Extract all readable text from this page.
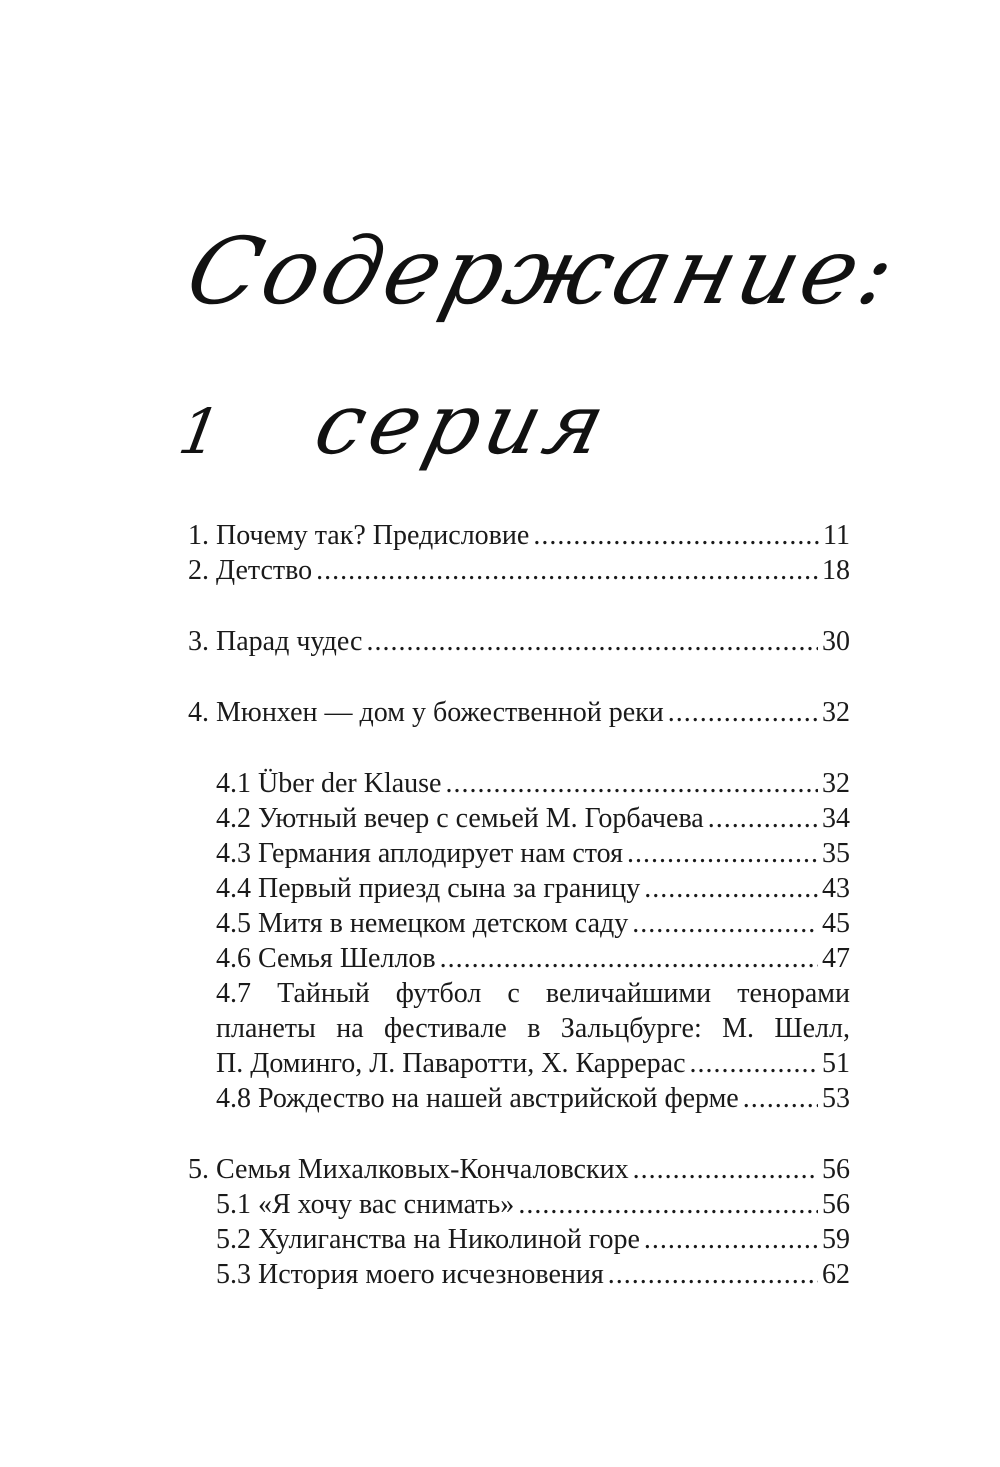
Содержание:
1 серия
1. Почему так? Предисловие .....	11
2. Детство .....	18
3. Парад чудес .....	30
4. Мюнхен — дом у божественной реки .....	32
4.1 Über der Klause .....	32
4.2 Уютный вечер с семьей М. Горбачева .....	34
4.3 Германия аплодирует нам стоя .....	35
4.4 Первый приезд сына за границу .....	43
4.5 Митя в немецком детском саду .....	45
4.6 Семья Шеллов .....	47
4.7 Тайный футбол с величайшими тенорами
планеты на фестивале в Зальцбурге: М. Шелл,
П. Доминго, Л. Паваротти, Х. Каррерас .....	51
4.8 Рождество на нашей австрийской ферме .....	53
5. Семья Михалковых-Кончаловских .....	56
5.1 «Я хочу вас снимать» .....	56
5.2 Хулиганства на Николиной горе .....	59
5.3 История моего исчезновения .....	62
